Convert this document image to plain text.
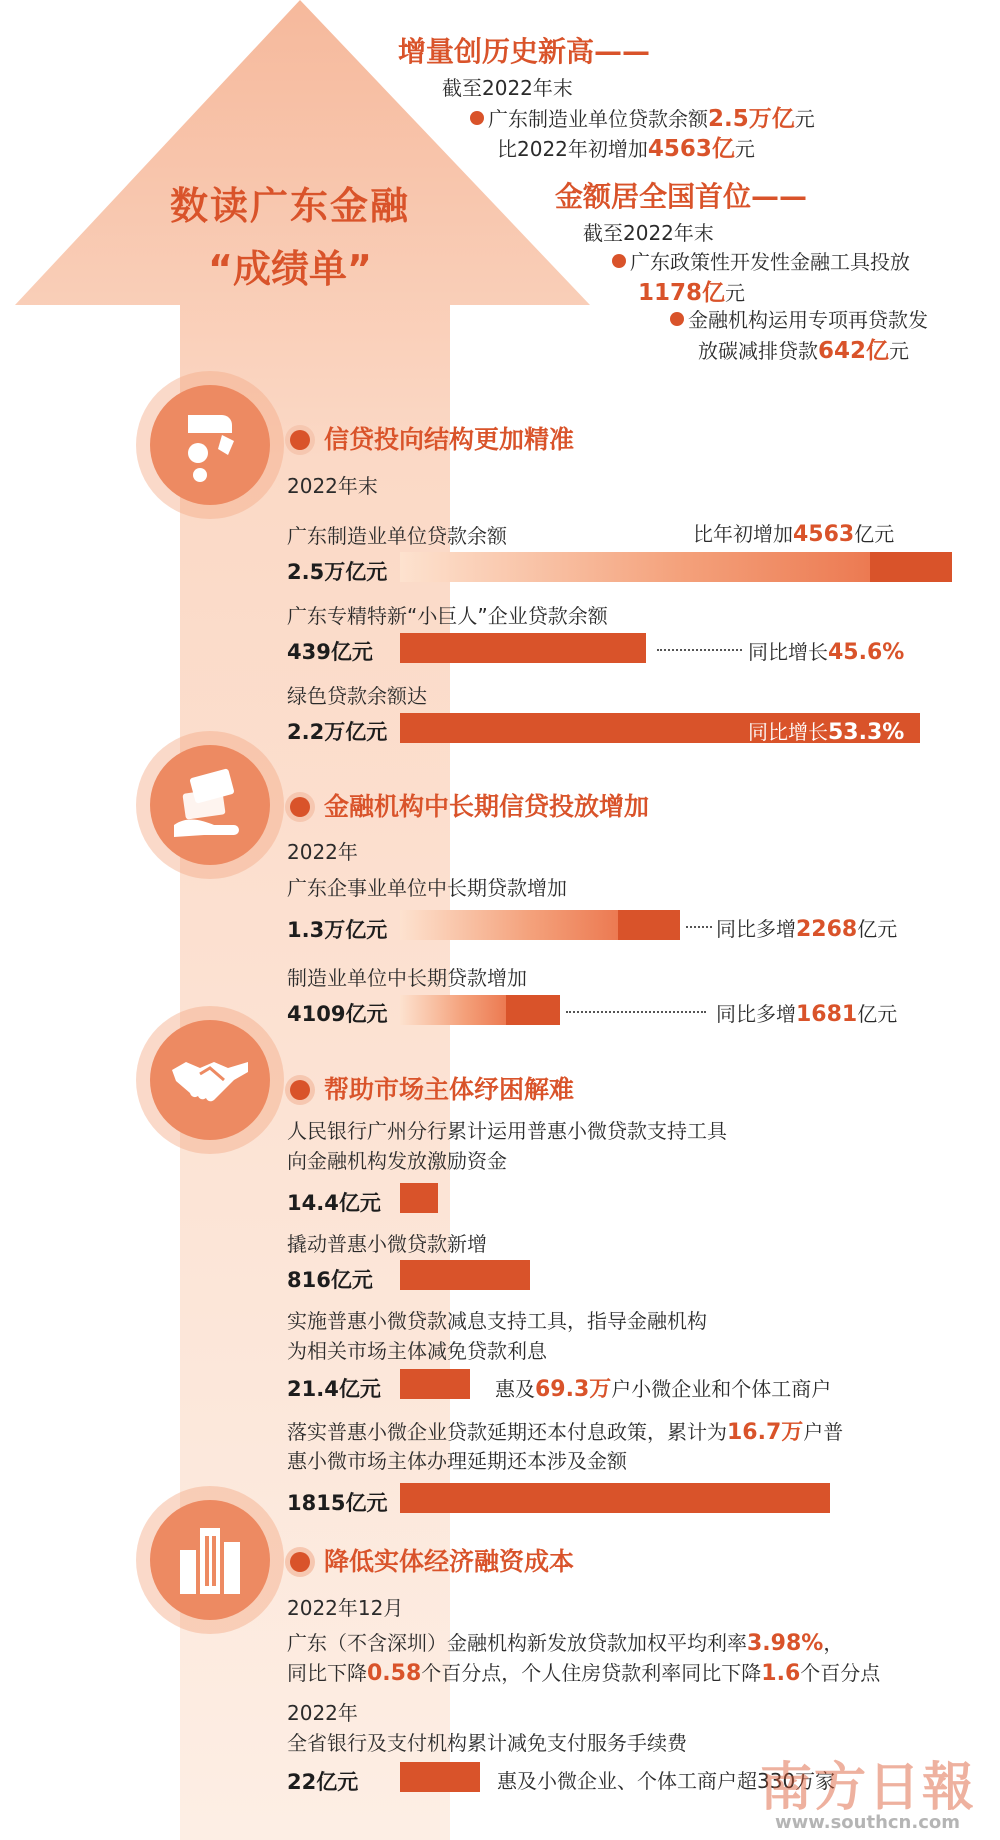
数读广东金融
“成绩单”
增量创历史新高——
截至2022年末
广东制造业单位贷款余额2.5万亿元
比2022年初增加4563亿元
金额居全国首位——
截至2022年末
广东政策性开发性金融工具投放
1178亿元
金融机构运用专项再贷款发
放碳减排贷款642亿元
信贷投向结构更加精准
2022年末
广东制造业单位贷款余额	比年初增加4563亿元
2.5万亿元
广东专精特新“小巨人”企业贷款余额
439亿元	同比增长45.6%
绿色贷款余额达
2.2万亿元	同比增长53.3%
金融机构中长期信贷投放增加
2022年
广东企事业单位中长期贷款增加
1.3万亿元	同比多增2268亿元
制造业单位中长期贷款增加
4109亿元	同比多增1681亿元
帮助市场主体纾困解难
人民银行广州分行累计运用普惠小微贷款支持工具
向金融机构发放激励资金
14.4亿元
撬动普惠小微贷款新增
816亿元
实施普惠小微贷款减息支持工具，指导金融机构
为相关市场主体减免贷款利息
21.4亿元	惠及69.3万户小微企业和个体工商户
落实普惠小微企业贷款延期还本付息政策，累计为16.7万户普
惠小微市场主体办理延期还本涉及金额
1815亿元
降低实体经济融资成本
2022年12月
广东（不含深圳）金融机构新发放贷款加权平均利率3.98%，
同比下降0.58个百分点，个人住房贷款利率同比下降1.6个百分点
2022年
全省银行及支付机构累计减免支付服务手续费
22亿元	惠及小微企业、个体工商户超330万家
南方日報
www.southcn.com
